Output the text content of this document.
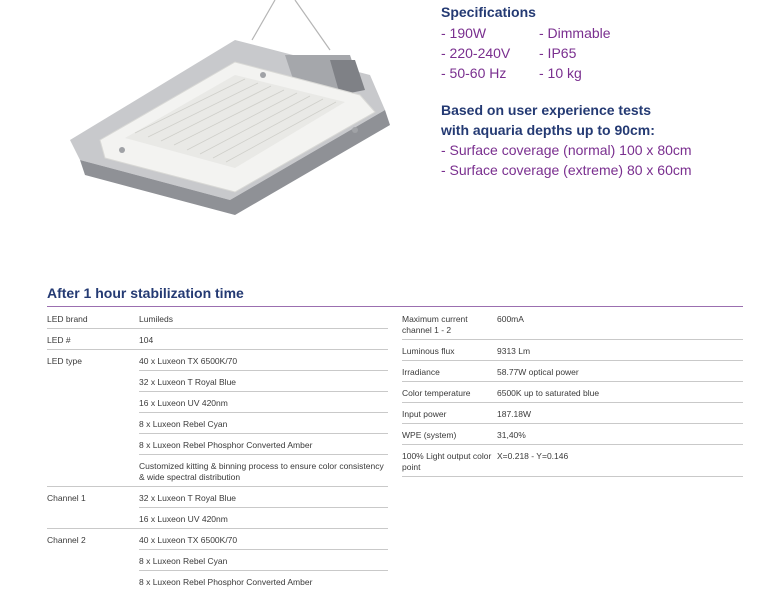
Specifications
- 190W	- Dimmable
- 220-240V	- IP65
- 50-60 Hz	- 10 kg
Based on user experience tests
with aquaria depths up to 90cm:
- Surface coverage (normal) 100 x 80cm
- Surface coverage (extreme) 80 x 60cm
After 1 hour stabilization time
LED brand	Lumileds
LED #	104
LED type	40 x Luxeon TX 6500K/70
	32 x Luxeon T Royal Blue
	16 x Luxeon UV 420nm
	8 x Luxeon Rebel Cyan
	8 x Luxeon Rebel Phosphor Converted Amber
	Customized kitting & binning process to ensure color consistency & wide spectral distribution
Channel 1	32 x Luxeon T Royal Blue
	16 x Luxeon UV 420nm
Channel 2	40 x Luxeon TX 6500K/70
	8 x Luxeon Rebel Cyan
	8 x Luxeon Rebel Phosphor Converted Amber
Maximum current channel 1 - 2	600mA
Luminous flux	9313 Lm
Irradiance	58.77W optical power
Color temperature	6500K up to saturated blue
Input power	187.18W
WPE (system)	31,40%
100% Light output color point	X=0.218 - Y=0.146
